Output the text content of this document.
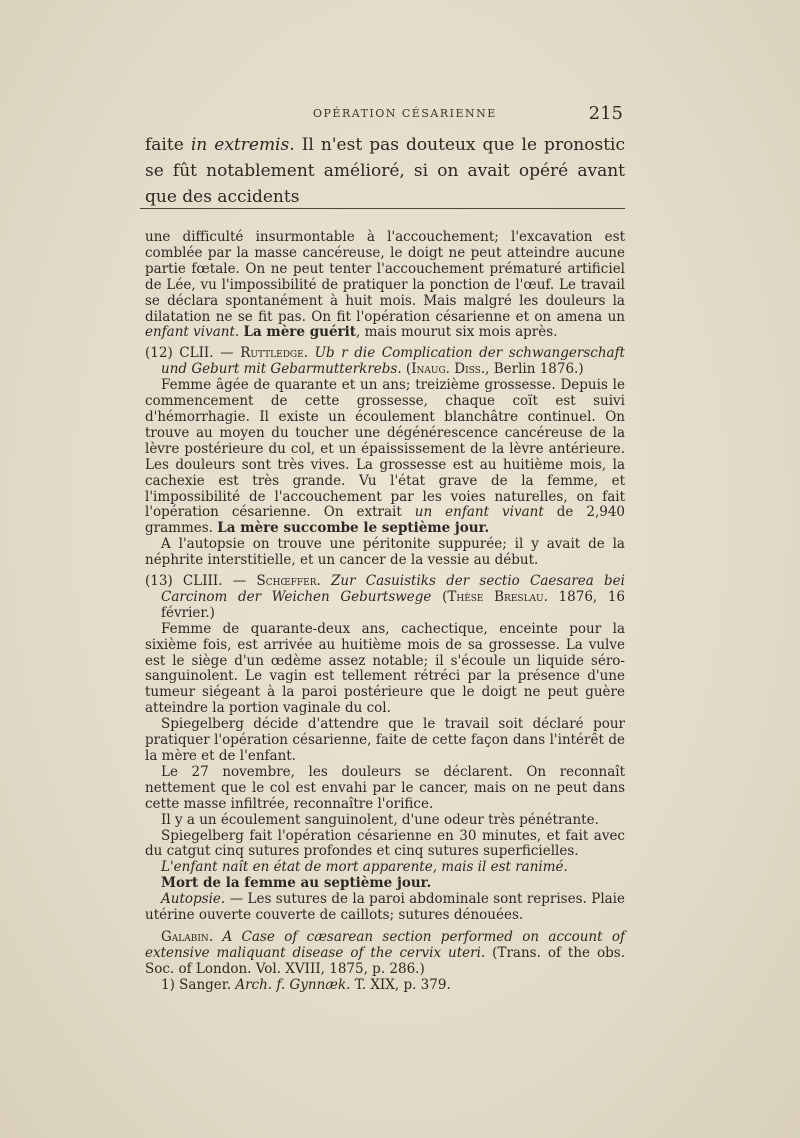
OPÉRATION CÉSARIENNE	215

faite in extremis. Il n'est pas douteux que le pronostic se fût notablement amélioré, si on avait opéré avant que des accidents

une difficulté insurmontable à l'accouchement; l'excavation est comblée par la masse cancéreuse, le doigt ne peut atteindre aucune partie fœtale. On ne peut tenter l'accouchement prématuré artificiel de Lée, vu l'impossibilité de pratiquer la ponction de l'œuf. Le travail se déclara spontanément à huit mois. Mais malgré les douleurs la dilatation ne se fit pas. On fit l'opération césarienne et on amena un enfant vivant. La mère guérit, mais mourut six mois après.

(12) CLII. — Ruttledge. Ub r die Complication der schwangerschaft und Geburt mit Gebarmutterkrebs. (Inaug. Diss., Berlin 1876.)

Femme âgée de quarante et un ans; treizième grossesse. Depuis le commencement de cette grossesse, chaque coït est suivi d'hémorrhagie. Il existe un écoulement blanchâtre continuel. On trouve au moyen du toucher une dégénérescence cancéreuse de la lèvre postérieure du col, et un épaississement de la lèvre antérieure. Les douleurs sont très vives. La grossesse est au huitième mois, la cachexie est très grande. Vu l'état grave de la femme, et l'impossibilité de l'accouchement par les voies naturelles, on fait l'opération césarienne. On extrait un enfant vivant de 2,940 grammes. La mère succombe le septième jour.

A l'autopsie on trouve une péritonite suppurée; il y avait de la néphrite interstitielle, et un cancer de la vessie au début.

(13) CLIII. — Schœffer. Zur Casuistiks der sectio Caesarea bei Carcinom der Weichen Geburtswege (Thèse Breslau. 1876, 16 février.)

Femme de quarante-deux ans, cachectique, enceinte pour la sixième fois, est arrivée au huitième mois de sa grossesse. La vulve est le siège d'un œdème assez notable; il s'écoule un liquide séro-sanguinolent. Le vagin est tellement rétréci par la présence d'une tumeur siégeant à la paroi postérieure que le doigt ne peut guère atteindre la portion vaginale du col.

Spiegelberg décide d'attendre que le travail soit déclaré pour pratiquer l'opération césarienne, faite de cette façon dans l'intérêt de la mère et de l'enfant.

Le 27 novembre, les douleurs se déclarent. On reconnaît nettement que le col est envahi par le cancer, mais on ne peut dans cette masse infiltrée, reconnaître l'orifice.

Il y a un écoulement sanguinolent, d'une odeur très pénétrante.

Spiegelberg fait l'opération césarienne en 30 minutes, et fait avec du catgut cinq sutures profondes et cinq sutures superficielles.

L'enfant naît en état de mort apparente, mais il est ranimé.

Mort de la femme au septième jour.

Autopsie. — Les sutures de la paroi abdominale sont reprises. Plaie utérine ouverte couverte de caillots; sutures dénouées.

Galabin. A Case of cæsarean section performed on account of extensive maliquant disease of the cervix uteri. (Trans. of the obs. Soc. of London. Vol. XVIII, 1875, p. 286.)

1) Sanger. Arch. f. Gynnæk. T. XIX, p. 379.
